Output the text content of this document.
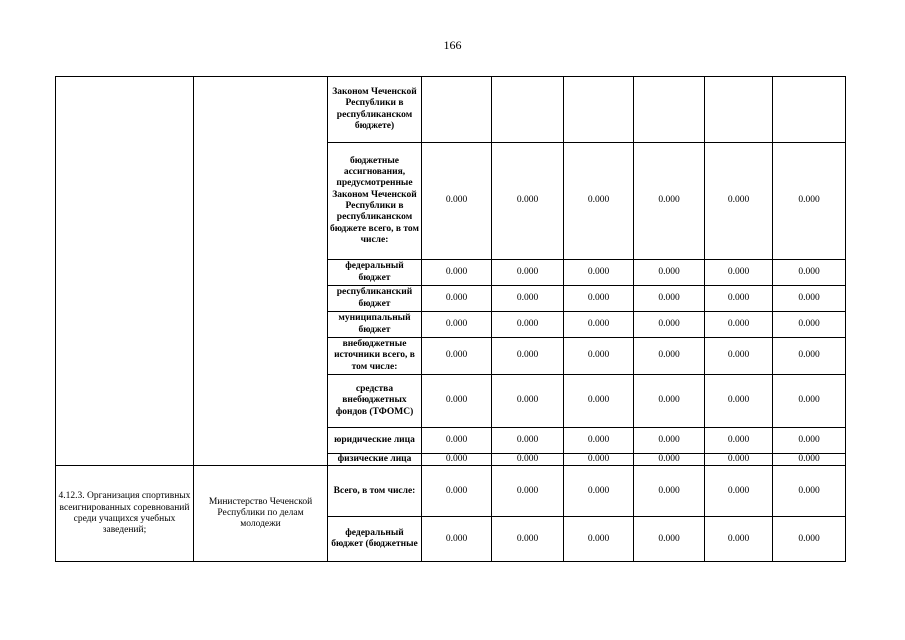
166
		Законом Чеченской Республики в республиканском бюджете)						
		бюджетные ассигнования, предусмотренные Законом Чеченской Республики в республиканском бюджете всего, в том числе:	0.000	0.000	0.000	0.000	0.000	0.000
		федеральный бюджет	0.000	0.000	0.000	0.000	0.000	0.000
		республиканский бюджет	0.000	0.000	0.000	0.000	0.000	0.000
		муниципальный бюджет	0.000	0.000	0.000	0.000	0.000	0.000
		внебюджетные источники всего, в том числе:	0.000	0.000	0.000	0.000	0.000	0.000
		средства внебюджетных фондов (ТФОМС)	0.000	0.000	0.000	0.000	0.000	0.000
		юридические лица	0.000	0.000	0.000	0.000	0.000	0.000
		физические лица	0.000	0.000	0.000	0.000	0.000	0.000
4.12.3. Организация спортивных всеигнированных соревнований среди учащихся учебных заведений;	Министерство Чеченской Республики по делам молодежи	Всего, в том числе:	0.000	0.000	0.000	0.000	0.000	0.000
		федеральный бюджет (бюджетные	0.000	0.000	0.000	0.000	0.000	0.000
